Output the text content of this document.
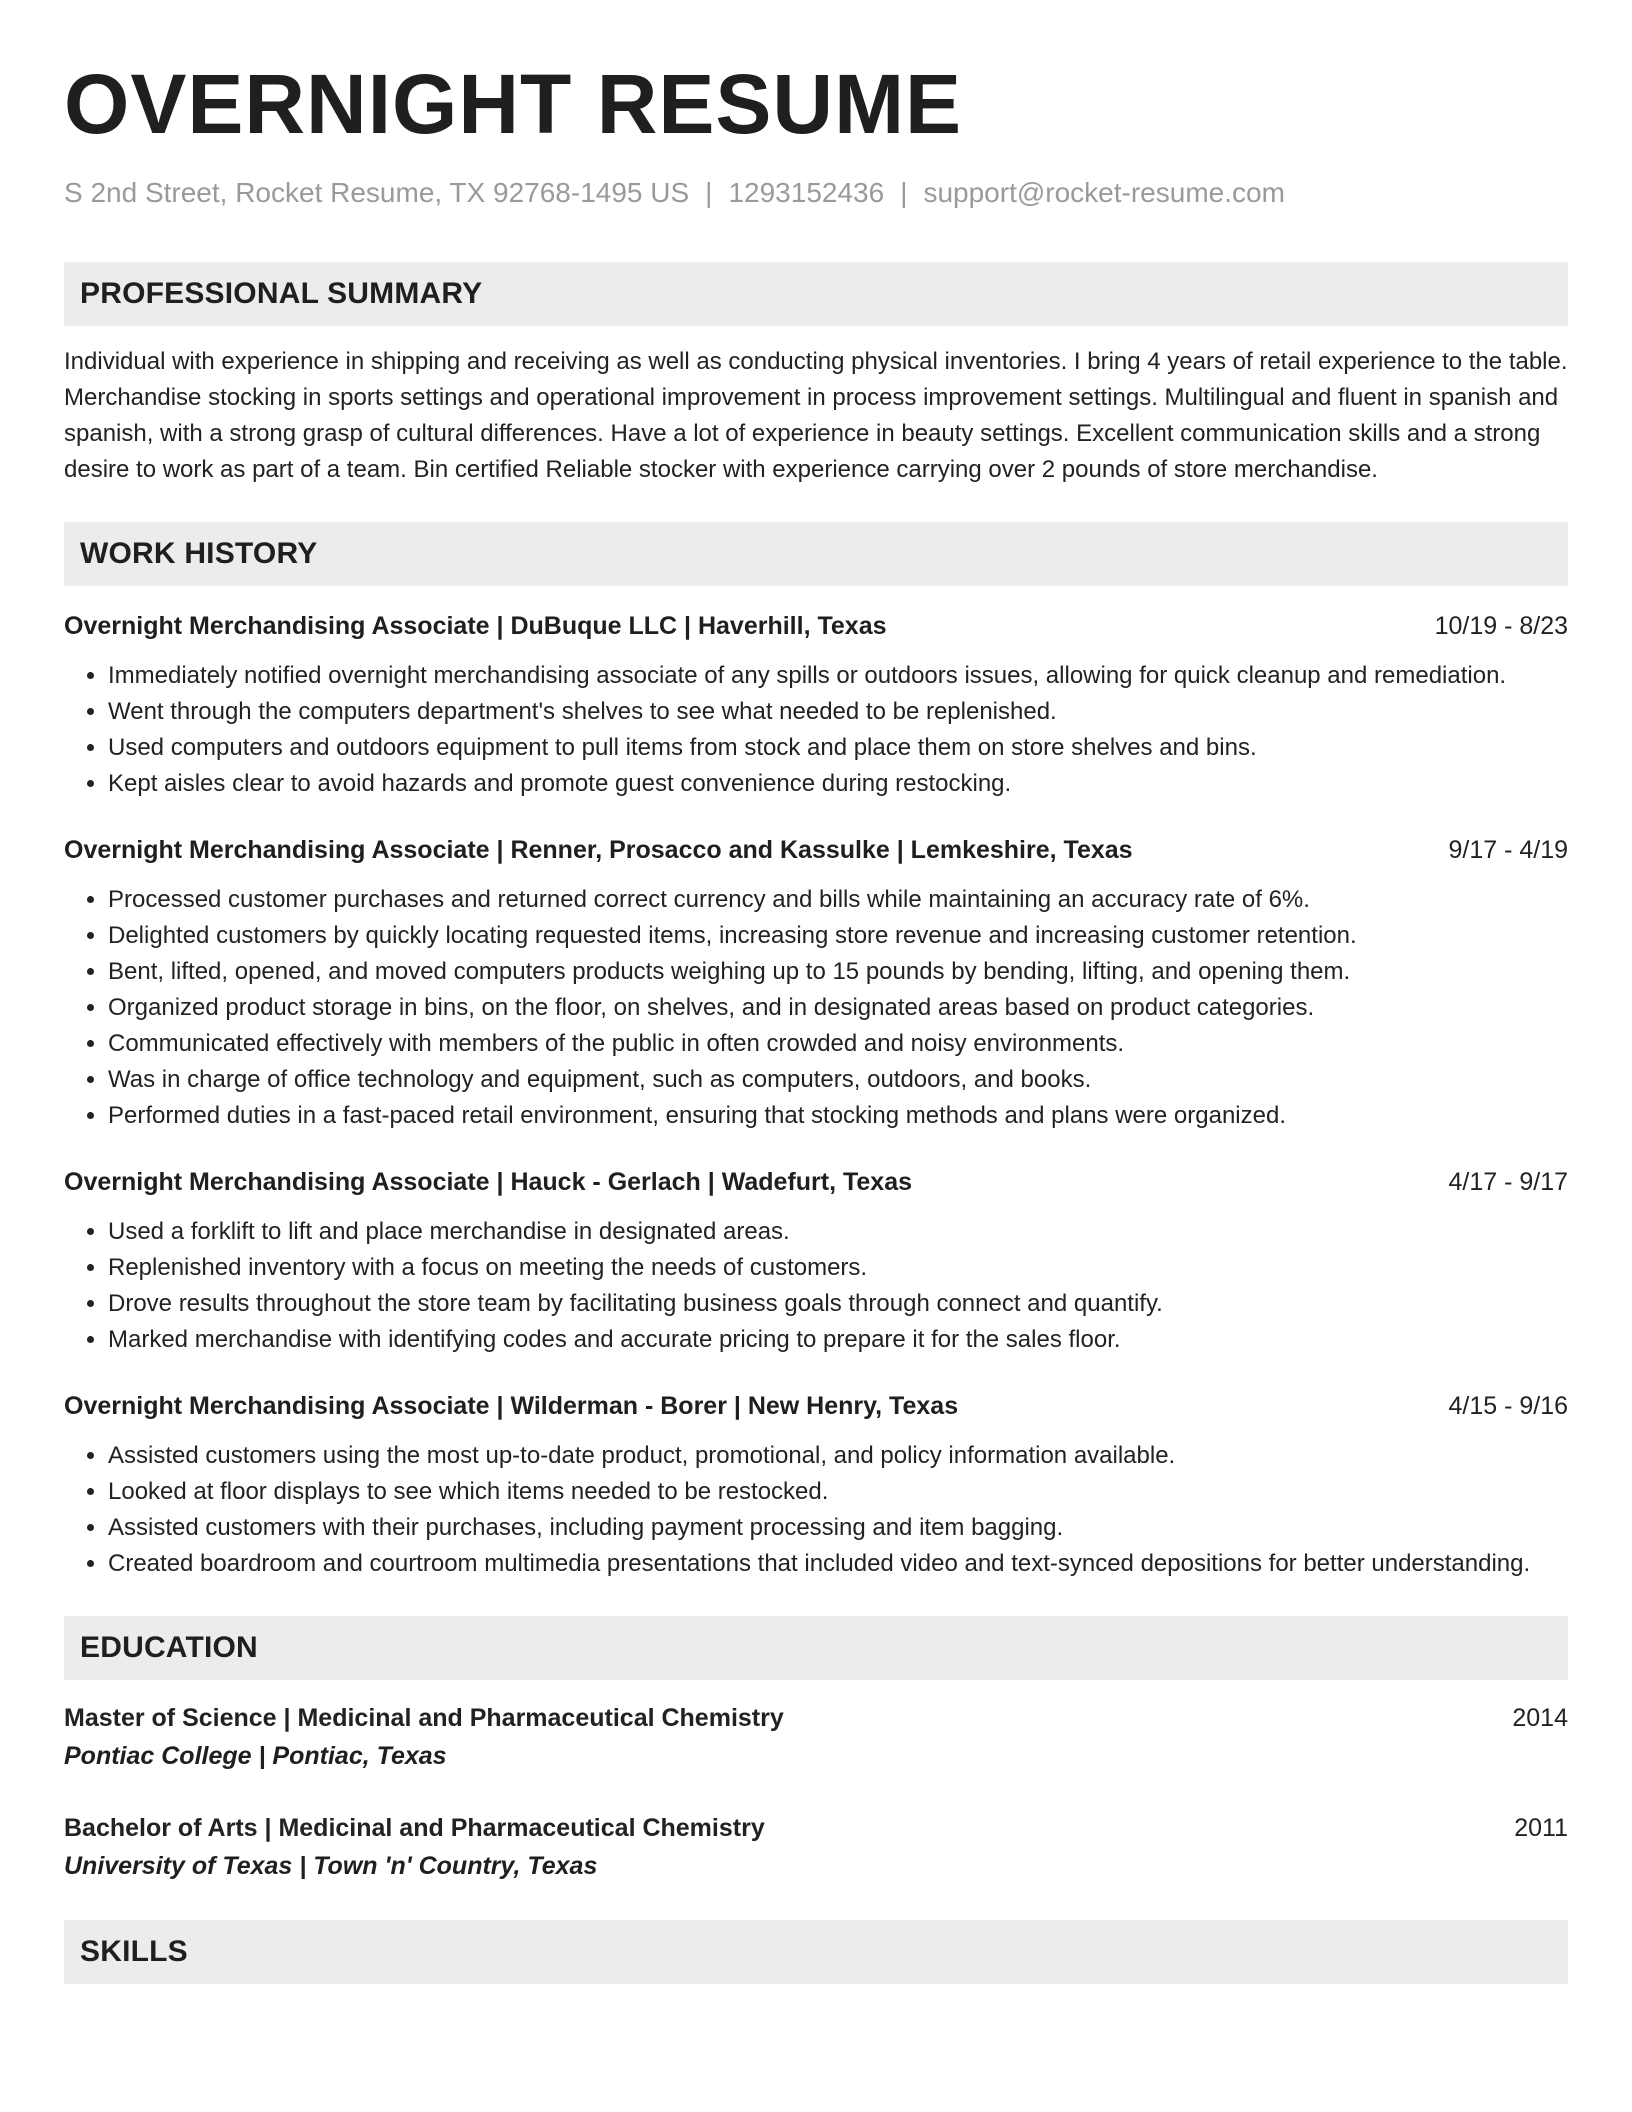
OVERNIGHT RESUME
S 2nd Street, Rocket Resume, TX 92768-1495 US | 1293152436 | support@rocket-resume.com
PROFESSIONAL SUMMARY
Individual with experience in shipping and receiving as well as conducting physical inventories. I bring 4 years of retail experience to the table. Merchandise stocking in sports settings and operational improvement in process improvement settings. Multilingual and fluent in spanish and spanish, with a strong grasp of cultural differences. Have a lot of experience in beauty settings. Excellent communication skills and a strong desire to work as part of a team. Bin certified Reliable stocker with experience carrying over 2 pounds of store merchandise.
WORK HISTORY
Overnight Merchandising Associate | DuBuque LLC | Haverhill, Texas	10/19 - 8/23
• Immediately notified overnight merchandising associate of any spills or outdoors issues, allowing for quick cleanup and remediation.
• Went through the computers department's shelves to see what needed to be replenished.
• Used computers and outdoors equipment to pull items from stock and place them on store shelves and bins.
• Kept aisles clear to avoid hazards and promote guest convenience during restocking.
Overnight Merchandising Associate | Renner, Prosacco and Kassulke | Lemkeshire, Texas	9/17 - 4/19
• Processed customer purchases and returned correct currency and bills while maintaining an accuracy rate of 6%.
• Delighted customers by quickly locating requested items, increasing store revenue and increasing customer retention.
• Bent, lifted, opened, and moved computers products weighing up to 15 pounds by bending, lifting, and opening them.
• Organized product storage in bins, on the floor, on shelves, and in designated areas based on product categories.
• Communicated effectively with members of the public in often crowded and noisy environments.
• Was in charge of office technology and equipment, such as computers, outdoors, and books.
• Performed duties in a fast-paced retail environment, ensuring that stocking methods and plans were organized.
Overnight Merchandising Associate | Hauck - Gerlach | Wadefurt, Texas	4/17 - 9/17
• Used a forklift to lift and place merchandise in designated areas.
• Replenished inventory with a focus on meeting the needs of customers.
• Drove results throughout the store team by facilitating business goals through connect and quantify.
• Marked merchandise with identifying codes and accurate pricing to prepare it for the sales floor.
Overnight Merchandising Associate | Wilderman - Borer | New Henry, Texas	4/15 - 9/16
• Assisted customers using the most up-to-date product, promotional, and policy information available.
• Looked at floor displays to see which items needed to be restocked.
• Assisted customers with their purchases, including payment processing and item bagging.
• Created boardroom and courtroom multimedia presentations that included video and text-synced depositions for better understanding.
EDUCATION
Master of Science | Medicinal and Pharmaceutical Chemistry	2014
Pontiac College | Pontiac, Texas
Bachelor of Arts | Medicinal and Pharmaceutical Chemistry	2011
University of Texas | Town 'n' Country, Texas
SKILLS
